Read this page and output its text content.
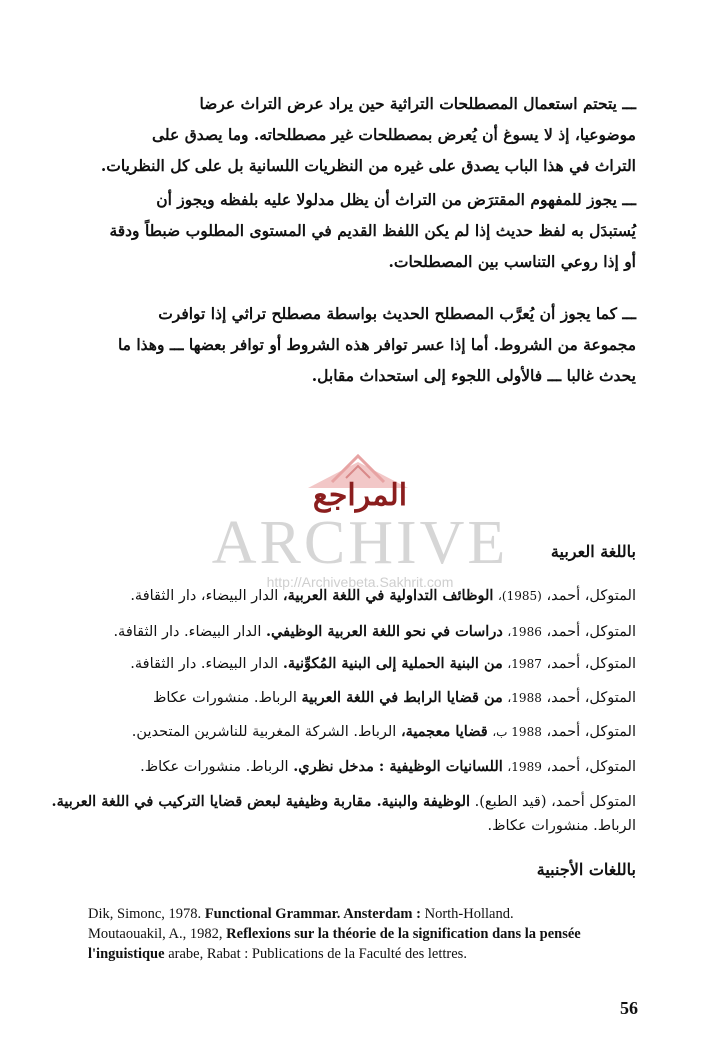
ـــ يتحتم استعمال المصطلحات التراثية حين يراد عرض التراث عرضا
موضوعيا، إذ لا يسوغ أن يُعرض بمصطلحات غير مصطلحاته. وما يصدق على
التراث في هذا الباب يصدق على غيره من النظريات اللسانية بل على كل النظريات.
ـــ يجوز للمفهوم المقترَض من التراث أن يظل مدلولا عليه بلفظه ويجوز أن
يُستبدَل به لفظ حديث إذا لم يكن اللفظ القديم في المستوى المطلوب ضبطاً ودقة
أو إذا روعي التناسب بين المصطلحات.
ـــ كما يجوز أن يُعرَّب المصطلح الحديث بواسطة مصطلح تراثي إذا توافرت
مجموعة من الشروط. أما إذا عسر توافر هذه الشروط أو توافر بعضها ـــ وهذا ما
يحدث غالبا ـــ فالأولى اللجوء إلى استحداث مقابل.
المراجع
ARCHIVE
http://Archivebeta.Sakhrit.com
باللغة العربية
المتوكل، أحمد، (1985)، الوظائف التداولية في اللغة العربية، الدار البيضاء، دار الثقافة.
المتوكل، أحمد، 1986، دراسات في نحو اللغة العربية الوظيفي. الدار البيضاء. دار الثقافة.
المتوكل، أحمد، 1987، من البنية الحملية إلى البنية المُكوِّنية. الدار البيضاء. دار الثقافة.
المتوكل، أحمد، 1988، من قضايا الرابط في اللغة العربية الرباط. منشورات عكاظ
المتوكل، أحمد، 1988 ب، قضايا معجمية، الرباط. الشركة المغربية للناشرين المتحدين.
المتوكل، أحمد، 1989، اللسانيات الوظيفية : مدخل نظري. الرباط. منشورات عكاظ.
المتوكل أحمد، (قيد الطبع). الوظيفة والبنية. مقاربة وظيفية لبعض قضايا التركيب في اللغة العربية.
الرباط. منشورات عكاظ.
باللغات الأجنبية
Dik, Simonc, 1978. Functional Grammar. Ansterdam : North-Holland.
Moutaouakil, A., 1982, Reflexions sur la théorie de la signification dans la pensée l'inguistique arabe, Rabat : Publications de la Faculté des lettres.
56
